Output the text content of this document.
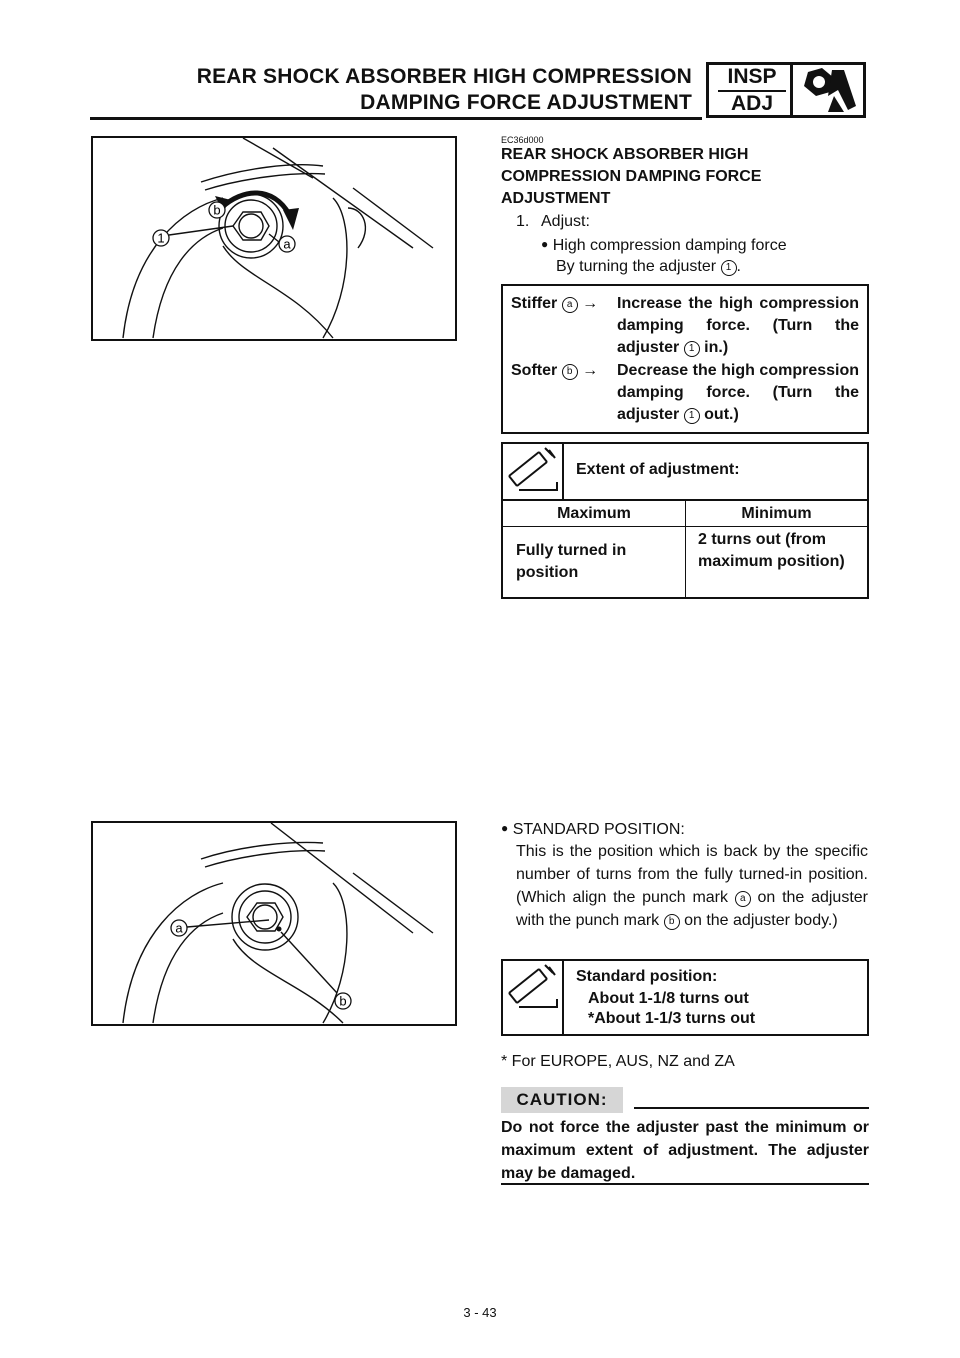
REAR SHOCK ABSORBER HIGH COMPRESSION
DAMPING FORCE ADJUSTMENT
INSP
ADJ
1	a
b
a
b
EC36d000
REAR SHOCK ABSORBER HIGH COMPRESSION DAMPING FORCE ADJUSTMENT
1. Adjust:
● High compression damping force
By turning the adjuster 1 .
Stiffer a → Increase the high compression damping force. (Turn the adjuster 1 in.)
Softer b → Decrease the high compression damping force. (Turn the adjuster 1 out.)
Extent of adjustment:
Maximum	Minimum
Fully turned in position
2 turns out (from maximum position)
● STANDARD POSITION:
This is the position which is back by the specific number of turns from the fully turned-in position. (Which align the punch mark a on the adjuster with the punch mark b on the adjuster body.)
Standard position:
About 1-1/8 turns out
*About 1-1/3 turns out
* For EUROPE, AUS, NZ and ZA
CAUTION:
Do not force the adjuster past the minimum or maximum extent of adjustment. The adjuster may be damaged.
3 - 43
